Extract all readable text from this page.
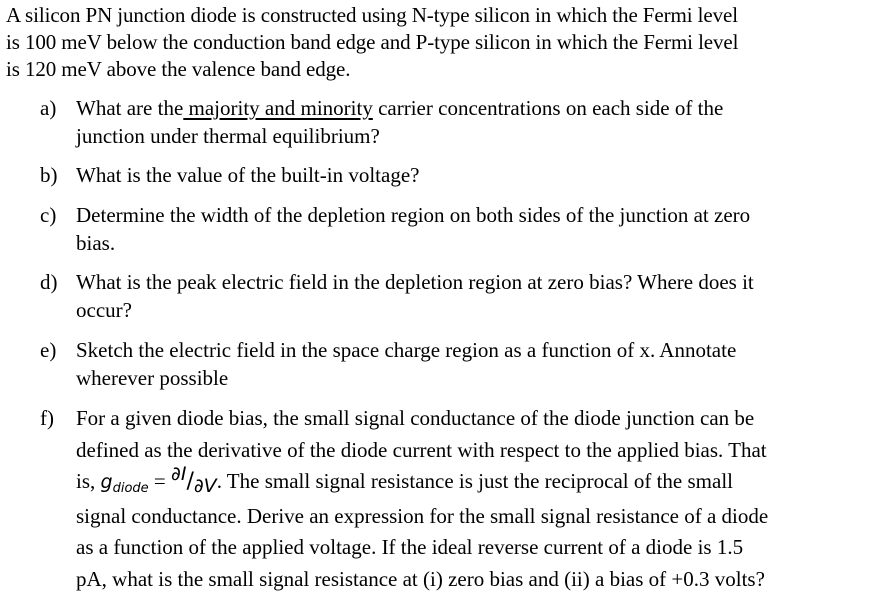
A silicon PN junction diode is constructed using N-type silicon in which the Fermi level
is 100 meV below the conduction band edge and P-type silicon in which the Fermi level
is 120 meV above the valence band edge.

a) What are the majority and minority carrier concentrations on each side of the
junction under thermal equilibrium?
b) What is the value of the built-in voltage?
c) Determine the width of the depletion region on both sides of the junction at zero
bias.
d) What is the peak electric field in the depletion region at zero bias? Where does it
occur?
e) Sketch the electric field in the space charge region as a function of x. Annotate
wherever possible
f)	For a given diode bias, the small signal conductance of the diode junction can be
defined as the derivative of the diode current with respect to the applied bias. That
is, gdiode = ∂I/∂V. The small signal resistance is just the reciprocal of the small
signal conductance. Derive an expression for the small signal resistance of a diode
as a function of the applied voltage. If the ideal reverse current of a diode is 1.5
pA, what is the small signal resistance at (i) zero bias and (ii) a bias of +0.3 volts?
